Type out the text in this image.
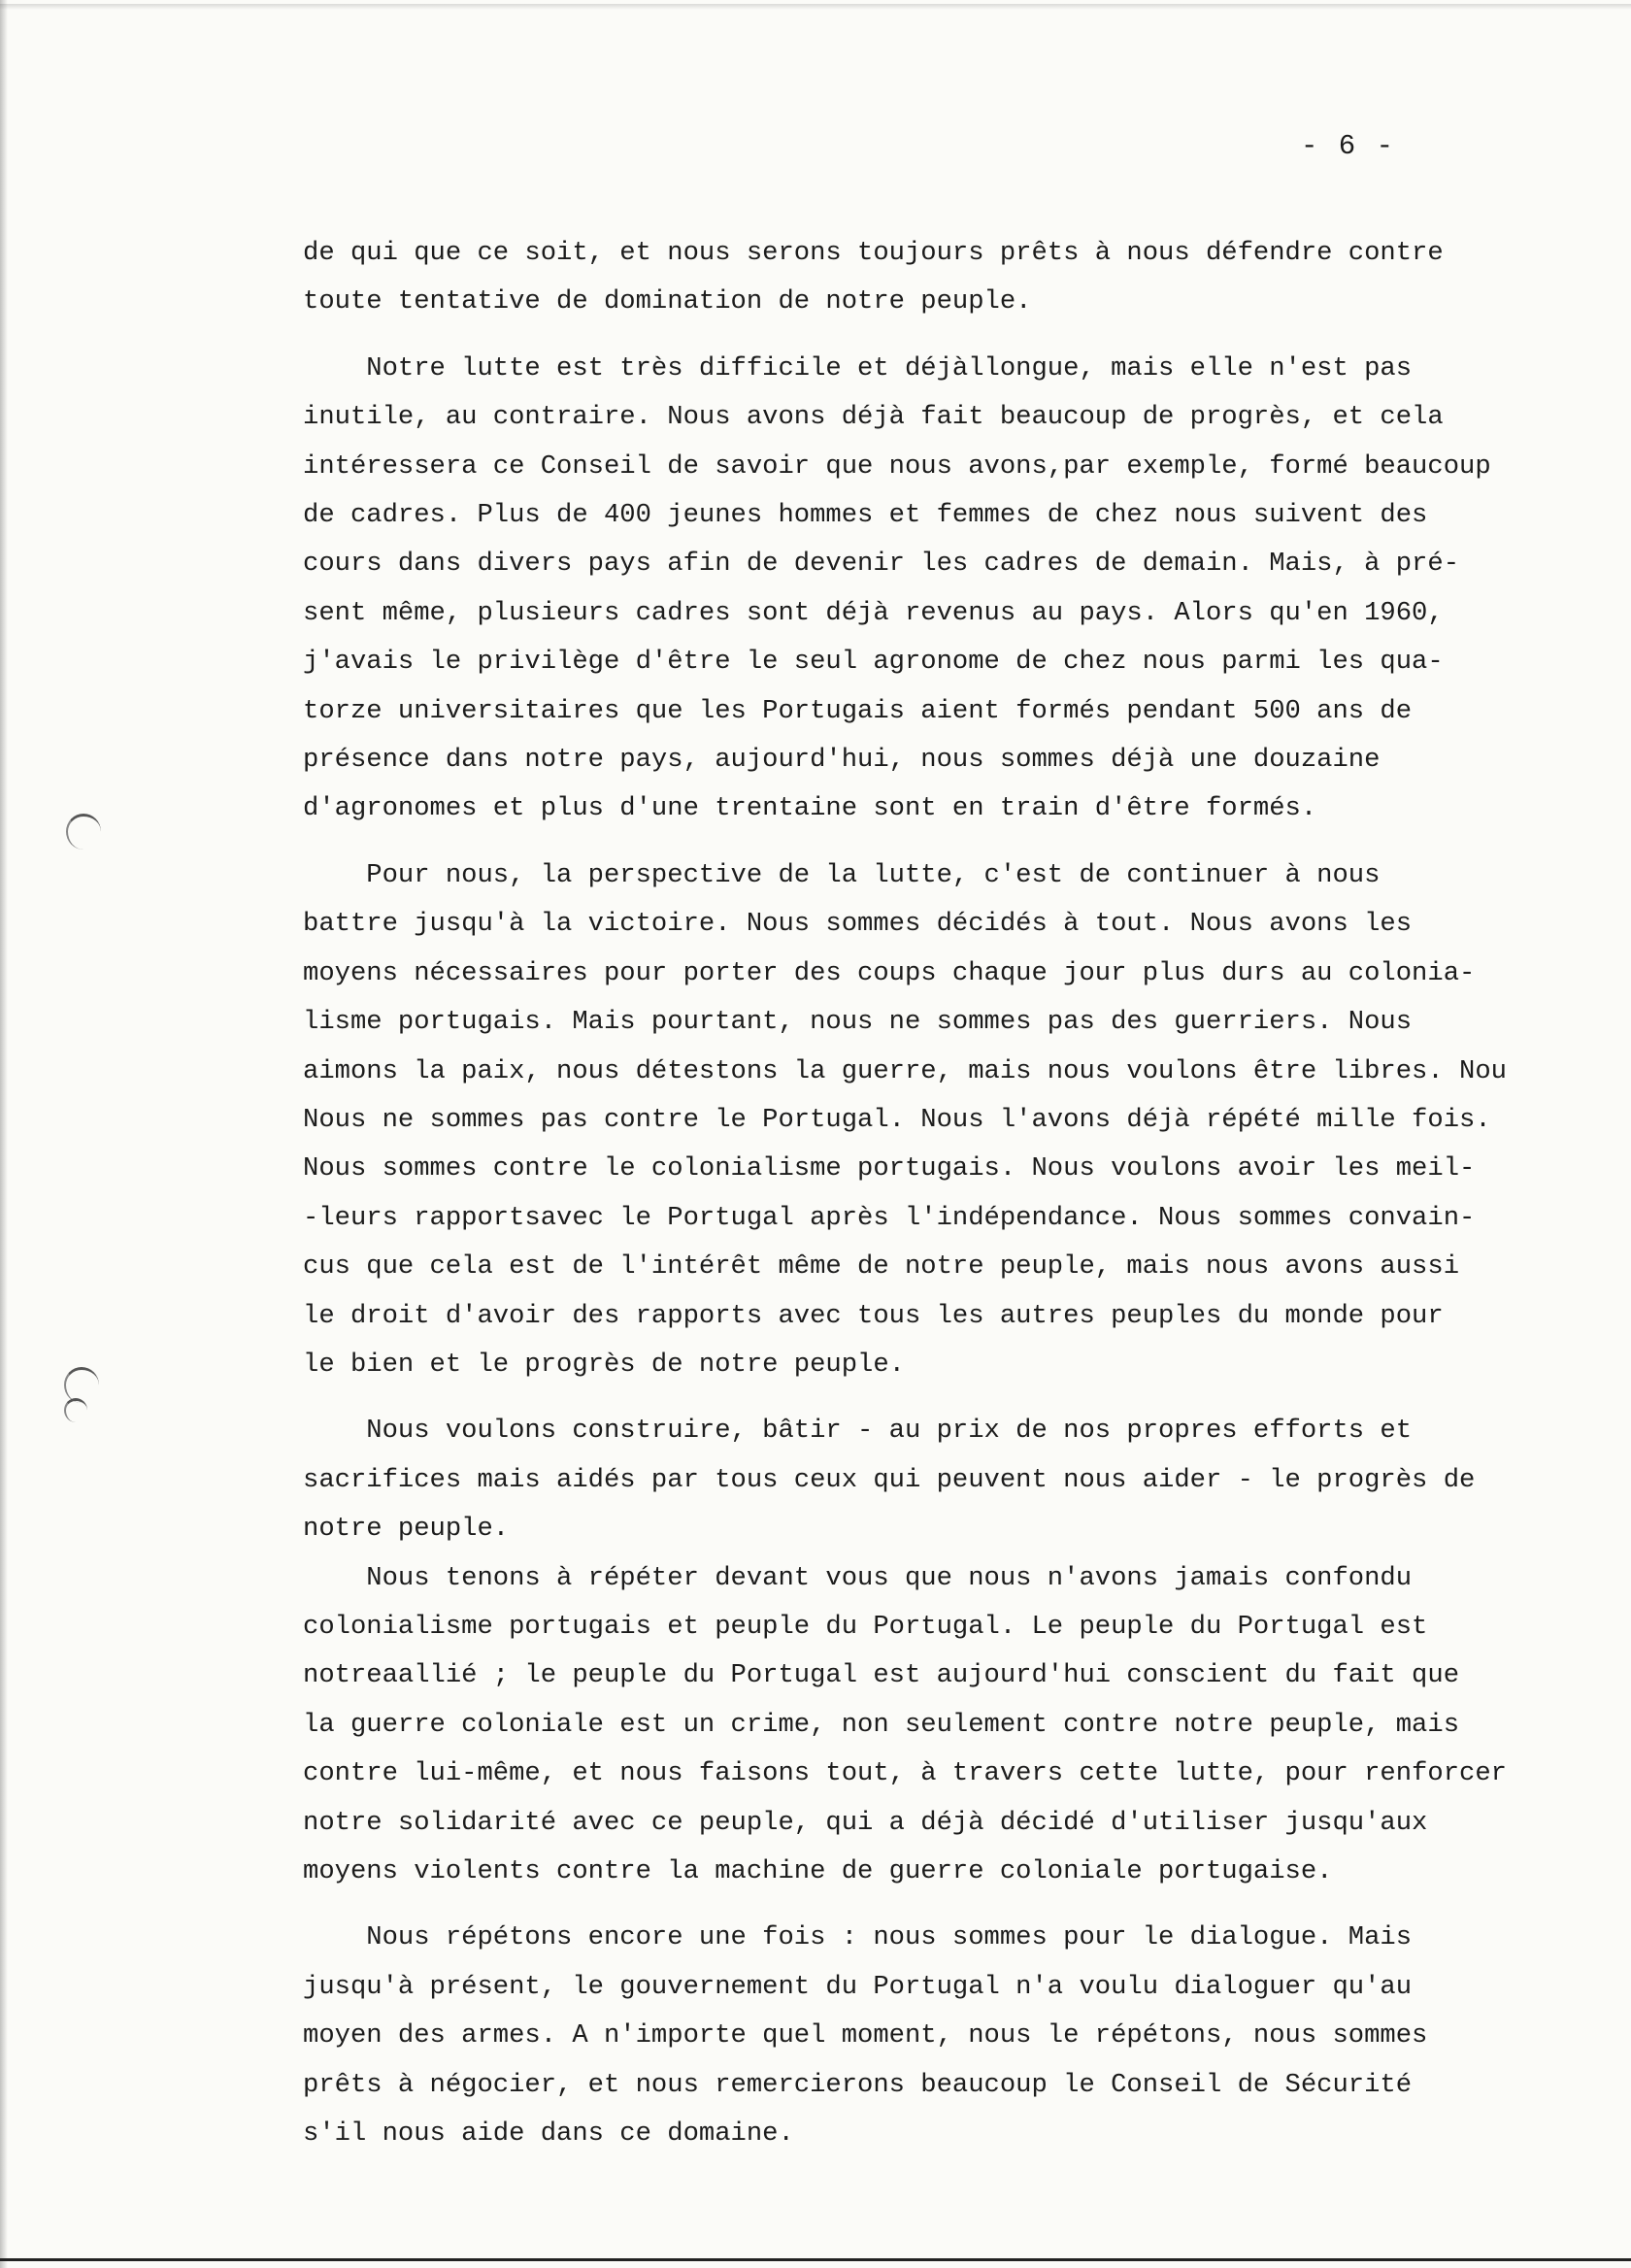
- 6 -
de qui que ce soit, et nous serons toujours prêts à nous défendre contre
toute tentative de domination de notre peuple.
Notre lutte est très difficile et déjàllongue, mais elle n'est pas
inutile, au contraire. Nous avons déjà fait beaucoup de progrès, et cela
intéressera ce Conseil de savoir que nous avons,par exemple, formé beaucoup
de cadres. Plus de 400 jeunes hommes et femmes de chez nous suivent des
cours dans divers pays afin de devenir les cadres de demain. Mais, à pré-
sent même, plusieurs cadres sont déjà revenus au pays. Alors qu'en 1960,
j'avais le privilège d'être le seul agronome de chez nous parmi les qua-
torze universitaires que les Portugais aient formés pendant 500 ans de
présence dans notre pays, aujourd'hui, nous sommes déjà une douzaine
d'agronomes et plus d'une trentaine sont en train d'être formés.
Pour nous, la perspective de la lutte, c'est de continuer à nous
battre jusqu'à la victoire. Nous sommes décidés à tout. Nous avons les
moyens nécessaires pour porter des coups chaque jour plus durs au colonia-
lisme portugais. Mais pourtant, nous ne sommes pas des guerriers. Nous
aimons la paix, nous détestons la guerre, mais nous voulons être libres. Nou
Nous ne sommes pas contre le Portugal. Nous l'avons déjà répété mille fois.
Nous sommes contre le colonialisme portugais. Nous voulons avoir les meil-
-leurs rapportsavec le Portugal après l'indépendance. Nous sommes convain-
cus que cela est de l'intérêt même de notre peuple, mais nous avons aussi
le droit d'avoir des rapports avec tous les autres peuples du monde pour
le bien et le progrès de notre peuple.
Nous voulons construire, bâtir - au prix de nos propres efforts et
sacrifices mais aidés par tous ceux qui peuvent nous aider - le progrès de
notre peuple.
Nous tenons à répéter devant vous que nous n'avons jamais confondu
colonialisme portugais et peuple du Portugal. Le peuple du Portugal est
notreaallié ; le peuple du Portugal est aujourd'hui conscient du fait que
la guerre coloniale est un crime, non seulement contre notre peuple, mais
contre lui-même, et nous faisons tout, à travers cette lutte, pour renforcer
notre solidarité avec ce peuple, qui a déjà décidé d'utiliser jusqu'aux
moyens violents contre la machine de guerre coloniale portugaise.
Nous répétons encore une fois : nous sommes pour le dialogue. Mais
jusqu'à présent, le gouvernement du Portugal n'a voulu dialoguer qu'au
moyen des armes. A n'importe quel moment, nous le répétons, nous sommes
prêts à négocier, et nous remercierons beaucoup le Conseil de Sécurité
s'il nous aide dans ce domaine.
